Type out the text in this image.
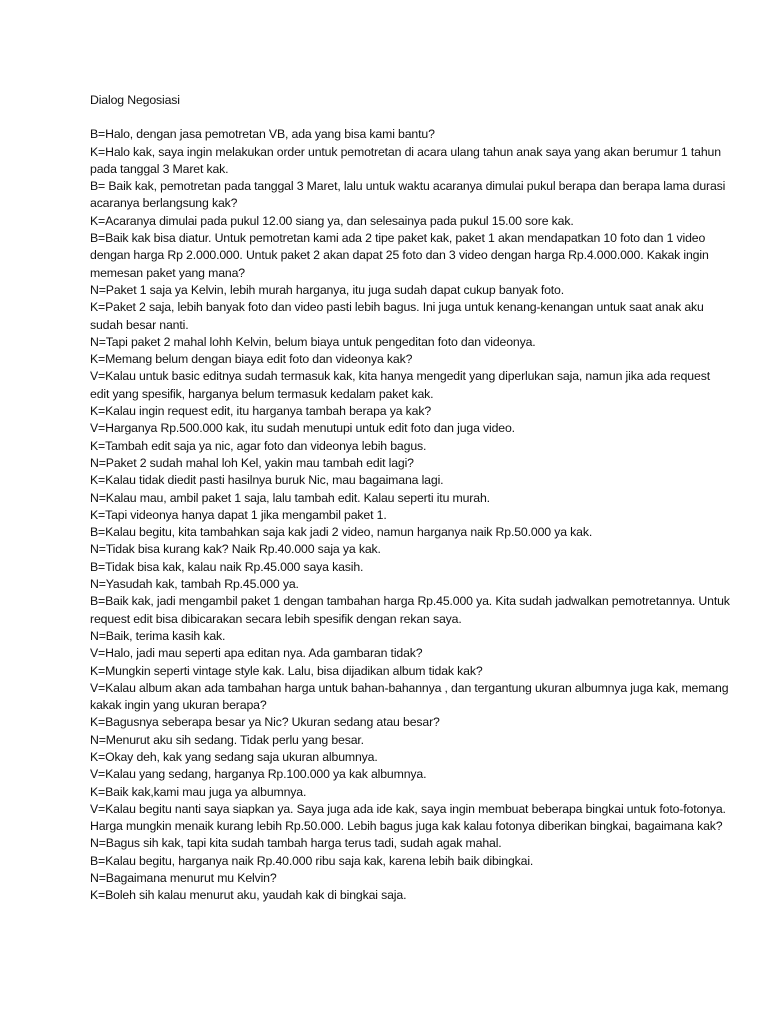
Dialog Negosiasi

B=Halo, dengan jasa pemotretan VB, ada yang bisa kami bantu?

K=Halo kak, saya ingin melakukan order untuk pemotretan di acara ulang tahun anak saya yang akan berumur 1 tahun pada tanggal 3 Maret kak.

B= Baik kak, pemotretan pada tanggal 3 Maret, lalu untuk waktu acaranya dimulai pukul berapa dan berapa lama durasi acaranya berlangsung kak?

K=Acaranya dimulai pada pukul 12.00 siang ya, dan selesainya pada pukul 15.00 sore kak.

B=Baik kak bisa diatur. Untuk pemotretan kami ada 2 tipe paket kak, paket 1 akan mendapatkan 10 foto dan 1 video dengan harga Rp 2.000.000. Untuk paket 2 akan dapat 25 foto dan 3 video dengan harga Rp.4.000.000. Kakak ingin memesan paket yang mana?

N=Paket 1 saja ya Kelvin, lebih murah harganya, itu juga sudah dapat cukup banyak foto.

K=Paket 2 saja, lebih banyak foto dan video pasti lebih bagus. Ini juga untuk kenang-kenangan untuk saat anak aku sudah besar nanti.

N=Tapi paket 2 mahal lohh Kelvin, belum biaya untuk pengeditan foto dan videonya.

K=Memang belum dengan biaya edit foto dan videonya kak?

V=Kalau untuk basic editnya sudah termasuk kak, kita hanya mengedit yang diperlukan saja, namun jika ada request edit yang spesifik, harganya belum termasuk kedalam paket kak.

K=Kalau ingin request edit, itu harganya tambah berapa ya kak?

V=Harganya Rp.500.000 kak, itu sudah menutupi untuk edit foto dan juga video.

K=Tambah edit saja ya nic, agar foto dan videonya lebih bagus.

N=Paket 2 sudah mahal loh Kel, yakin mau tambah edit lagi?

K=Kalau tidak diedit pasti hasilnya buruk Nic, mau bagaimana lagi.

N=Kalau mau, ambil paket 1 saja, lalu tambah edit. Kalau seperti itu murah.

K=Tapi videonya hanya dapat 1 jika mengambil paket 1.

B=Kalau begitu, kita tambahkan saja kak jadi 2 video, namun harganya naik Rp.50.000 ya kak.

N=Tidak bisa kurang kak? Naik Rp.40.000 saja ya kak.

B=Tidak bisa kak, kalau naik Rp.45.000 saya kasih.

N=Yasudah kak, tambah Rp.45.000 ya.

B=Baik kak, jadi mengambil paket 1 dengan tambahan harga Rp.45.000 ya. Kita sudah jadwalkan pemotretannya. Untuk request edit bisa dibicarakan secara lebih spesifik dengan rekan saya.

N=Baik, terima kasih kak.

V=Halo, jadi mau seperti apa editan nya. Ada gambaran tidak?

K=Mungkin seperti vintage style kak. Lalu, bisa dijadikan album tidak kak?

V=Kalau album akan ada tambahan harga untuk bahan-bahannya , dan tergantung ukuran albumnya juga kak, memang kakak ingin yang ukuran berapa?

K=Bagusnya seberapa besar ya Nic? Ukuran sedang atau besar?

N=Menurut aku sih sedang. Tidak perlu yang besar.

K=Okay deh, kak yang sedang saja ukuran albumnya.

V=Kalau yang sedang, harganya Rp.100.000 ya kak albumnya.

K=Baik kak,kami mau juga ya albumnya.

V=Kalau begitu nanti saya siapkan ya. Saya juga ada ide kak, saya ingin membuat beberapa bingkai untuk foto-fotonya. Harga mungkin menaik kurang lebih Rp.50.000. Lebih bagus juga kak kalau fotonya diberikan bingkai, bagaimana kak?

N=Bagus sih kak, tapi kita sudah tambah harga terus tadi, sudah agak mahal.

B=Kalau begitu, harganya naik Rp.40.000 ribu saja kak, karena lebih baik dibingkai.

N=Bagaimana menurut mu Kelvin?

K=Boleh sih kalau menurut aku, yaudah kak di bingkai saja.
